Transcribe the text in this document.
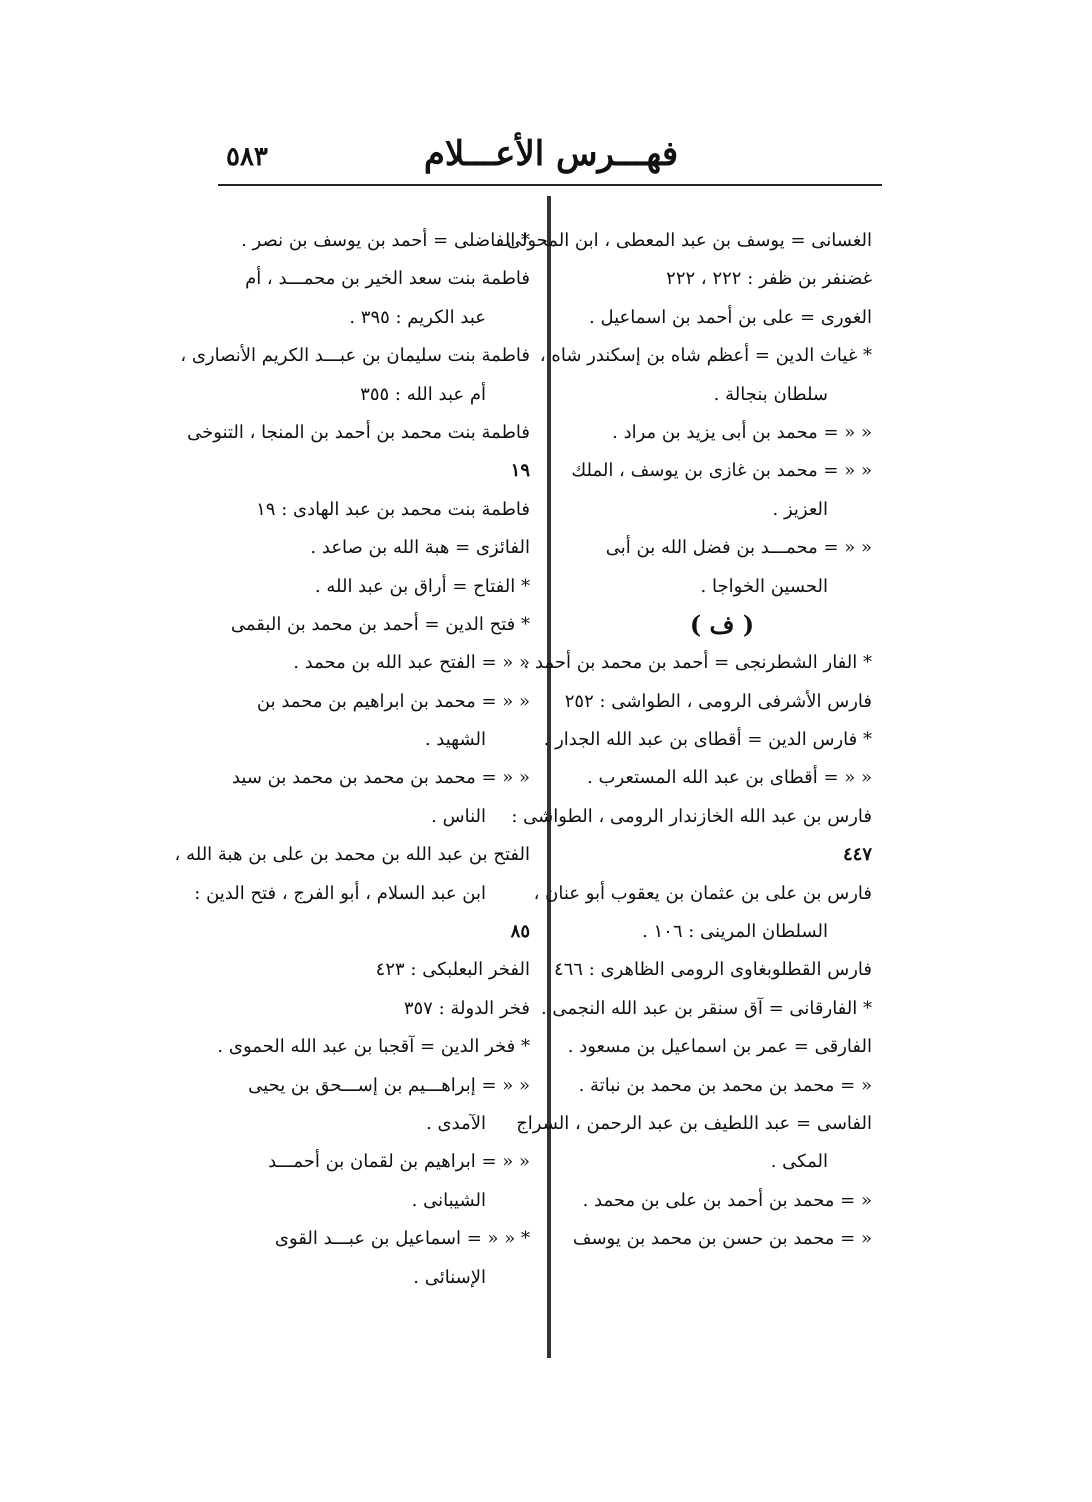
فهـــرس الأعـــلام
٥٨٣
الغسانى = يوسف بن عبد المعطى ، ابن المحولى .
غضنفر بن ظفر : ٢٢٢ ، ٢٢٢
الغورى = على بن أحمد بن اسماعيل .
* غياث الدين = أعظم شاه بن إسكندر شاه ،
سلطان بنجالة .
« « = محمد بن أبى يزيد بن مراد .
« « = محمد بن غازى بن يوسف ، الملك
العزيز .
« « = محمـــد بن فضل الله بن أبى
الحسين الخواجا .
( ف )
* الفار الشطرنجى = أحمد بن محمد بن أحمد .
فارس الأشرفى الرومى ، الطواشى : ٢٥٢
* فارس الدين = أقطاى بن عبد الله الجدار .
« « = أقطاى بن عبد الله المستعرب .
فارس بن عبد الله الخازندار الرومى ، الطواشى :
٤٤٧
فارس بن على بن عثمان بن يعقوب أبو عنان ،
السلطان المرينى : ١٠٦ .
فارس القطلوبغاوى الرومى الظاهرى : ٤٦٦
* الفارقانى = آق سنقر بن عبد الله النجمى .
الفارقى = عمر بن اسماعيل بن مسعود .
« = محمد بن محمد بن محمد بن نباتة .
الفاسى = عبد اللطيف بن عبد الرحمن ، السراج
المكى .
« = محمد بن أحمد بن على بن محمد .
« = محمد بن حسن بن محمد بن يوسف
* الفاضلى = أحمد بن يوسف بن نصر .
فاطمة بنت سعد الخير بن محمـــد ، أم
عبد الكريم : ٣٩٥ .
فاطمة بنت سليمان بن عبـــد الكريم الأنصارى ،
أم عبد الله : ٣٥٥
فاطمة بنت محمد بن أحمد بن المنجا ، التنوخى
١٩
فاطمة بنت محمد بن عبد الهادى : ١٩
الفائزى = هبة الله بن صاعد .
* الفتاح = أراق بن عبد الله .
* فتح الدين = أحمد بن محمد بن البقمى
« « = الفتح عبد الله بن محمد .
« « = محمد بن ابراهيم بن محمد بن
الشهيد .
« « = محمد بن محمد بن محمد بن سيد
الناس .
الفتح بن عبد الله بن محمد بن على بن هبة الله ،
ابن عبد السلام ، أبو الفرج ، فتح الدين :
٨٥
الفخر البعلبكى : ٤٢٣
فخر الدولة : ٣٥٧
* فخر الدين = آقجبا بن عبد الله الحموى .
« « = إبراهـــيم بن إســـحق بن يحيى
الآمدى .
« « = ابراهيم بن لقمان بن أحمـــد
الشيبانى .
* « « = اسماعيل بن عبـــد القوى
الإسنائى .
